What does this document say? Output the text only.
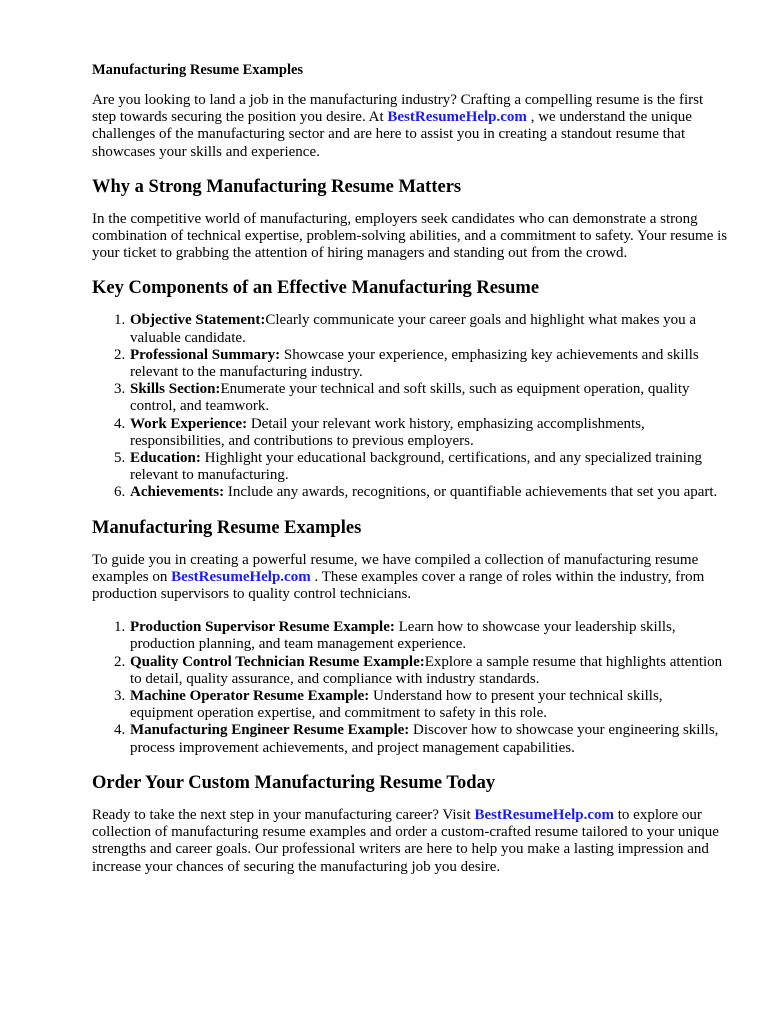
Manufacturing Resume Examples

Are you looking to land a job in the manufacturing industry? Crafting a compelling resume is the first step towards securing the position you desire. At BestResumeHelp.com , we understand the unique challenges of the manufacturing sector and are here to assist you in creating a standout resume that showcases your skills and experience.

Why a Strong Manufacturing Resume Matters

In the competitive world of manufacturing, employers seek candidates who can demonstrate a strong combination of technical expertise, problem-solving abilities, and a commitment to safety. Your resume is your ticket to grabbing the attention of hiring managers and standing out from the crowd.

Key Components of an Effective Manufacturing Resume
1. Objective Statement:Clearly communicate your career goals and highlight what makes you a valuable candidate.
2. Professional Summary: Showcase your experience, emphasizing key achievements and skills relevant to the manufacturing industry.
3. Skills Section:Enumerate your technical and soft skills, such as equipment operation, quality control, and teamwork.
4. Work Experience: Detail your relevant work history, emphasizing accomplishments, responsibilities, and contributions to previous employers.
5. Education: Highlight your educational background, certifications, and any specialized training relevant to manufacturing.
6. Achievements: Include any awards, recognitions, or quantifiable achievements that set you apart.
Manufacturing Resume Examples

To guide you in creating a powerful resume, we have compiled a collection of manufacturing resume examples on BestResumeHelp.com . These examples cover a range of roles within the industry, from production supervisors to quality control technicians.

1. Production Supervisor Resume Example: Learn how to showcase your leadership skills, production planning, and team management experience.
2. Quality Control Technician Resume Example:Explore a sample resume that highlights attention to detail, quality assurance, and compliance with industry standards.
3. Machine Operator Resume Example: Understand how to present your technical skills, equipment operation expertise, and commitment to safety in this role.
4. Manufacturing Engineer Resume Example: Discover how to showcase your engineering skills, process improvement achievements, and project management capabilities.
Order Your Custom Manufacturing Resume Today

Ready to take the next step in your manufacturing career? Visit BestResumeHelp.com to explore our collection of manufacturing resume examples and order a custom-crafted resume tailored to your unique strengths and career goals. Our professional writers are here to help you make a lasting impression and increase your chances of securing the manufacturing job you desire.
